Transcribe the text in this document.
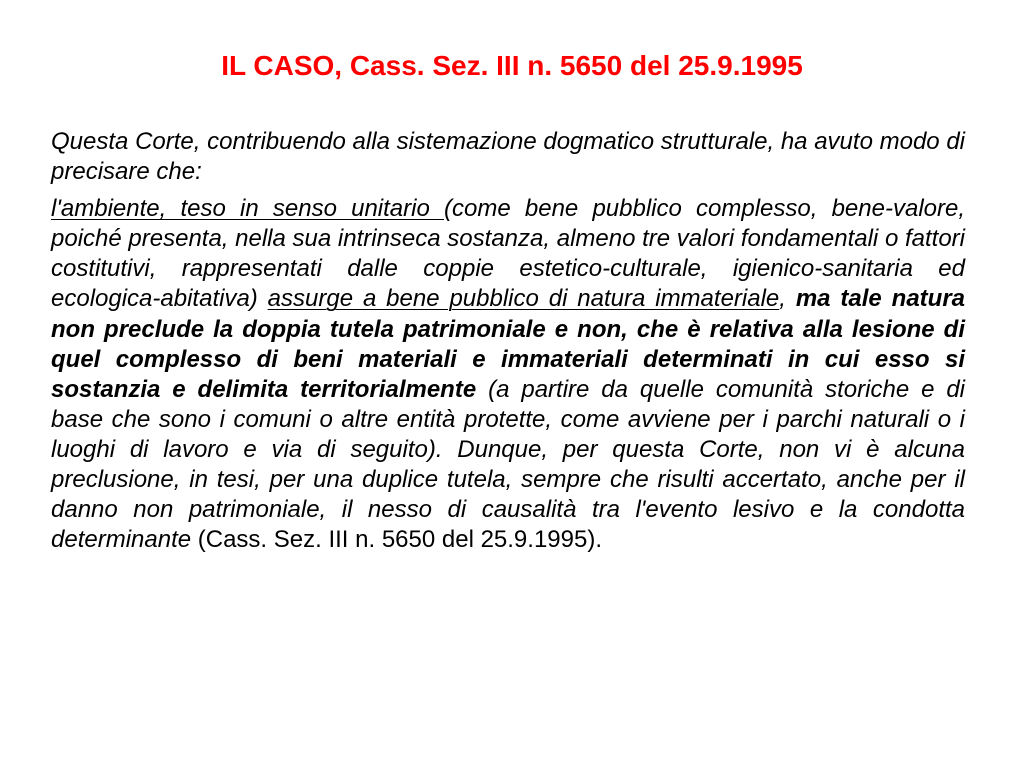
IL CASO, Cass. Sez. III n. 5650 del 25.9.1995

Questa Corte, contribuendo alla sistemazione dogmatico strutturale, ha avuto modo di precisare che:

l'ambiente, teso in senso unitario (come bene pubblico complesso, bene-valore, poiché presenta, nella sua intrinseca sostanza, almeno tre valori fondamentali o fattori costitutivi, rappresentati dalle coppie estetico-culturale, igienico-sanitaria ed ecologica-abitativa) assurge a bene pubblico di natura immateriale, ma tale natura non preclude la doppia tutela patrimoniale e non, che è relativa alla lesione di quel complesso di beni materiali e immateriali determinati in cui esso si sostanzia e delimita territorialmente (a partire da quelle comunità storiche e di base che sono i comuni o altre entità protette, come avviene per i parchi naturali o i luoghi di lavoro e via di seguito). Dunque, per questa Corte, non vi è alcuna preclusione, in tesi, per una duplice tutela, sempre che risulti accertato, anche per il danno non patrimoniale, il nesso di causalità tra l'evento lesivo e la condotta determinante (Cass. Sez. III n. 5650 del 25.9.1995).
